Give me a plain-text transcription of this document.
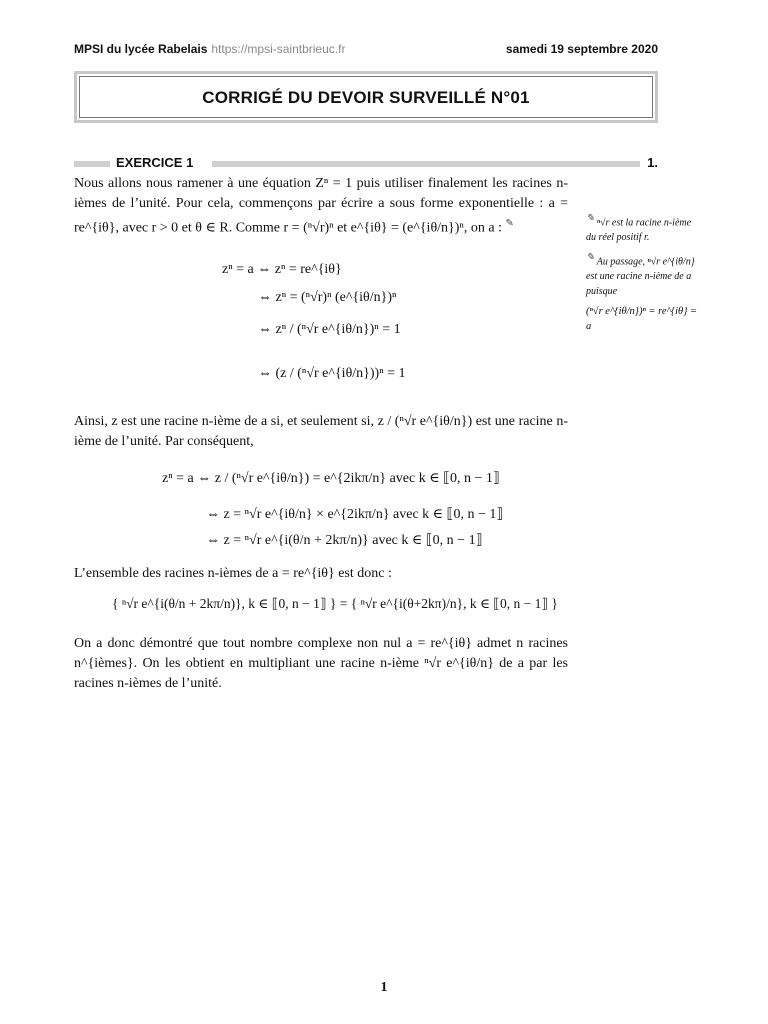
MPSI du lycée Rabelais https://mpsi-saintbrieuc.fr	samedi 19 septembre 2020
CORRIGÉ DU DEVOIR SURVEILLÉ N°01
EXERCICE 1	1.
Nous allons nous ramener à une équation Zⁿ = 1 puis utiliser finalement les racines n-ièmes de l’unité. Pour cela, commençons par écrire a sous forme exponentielle : a = re^{iθ}, avec r > 0 et θ ∈ R. Comme r = (ⁿ√r)ⁿ et e^{iθ} = (e^{iθ/n})ⁿ, on a : ✎
zⁿ = a ⇔ zⁿ = re^{iθ}
⇔ zⁿ = (ⁿ√r)ⁿ (e^{iθ/n})ⁿ
⇔ zⁿ / (ⁿ√r e^{iθ/n})ⁿ = 1
⇔ (z / (ⁿ√r e^{iθ/n}))ⁿ = 1
Ainsi, z est une racine n-ième de a si, et seulement si, z / (ⁿ√r e^{iθ/n}) est une racine n-ième de l’unité. Par conséquent,
zⁿ = a ⇔ z / (ⁿ√r e^{iθ/n}) = e^{2ikπ/n} avec k ∈ ⟦0, n − 1⟧
⇔ z = ⁿ√r e^{iθ/n} × e^{2ikπ/n} avec k ∈ ⟦0, n − 1⟧
⇔ z = ⁿ√r e^{i(θ/n + 2kπ/n)} avec k ∈ ⟦0, n − 1⟧
L’ensemble des racines n-ièmes de a = re^{iθ} est donc :
{ ⁿ√r e^{i(θ/n + 2kπ/n)}, k ∈ ⟦0, n − 1⟧ } = { ⁿ√r e^{i(θ+2kπ)/n}, k ∈ ⟦0, n − 1⟧ }
On a donc démontré que tout nombre complexe non nul a = re^{iθ} admet n racines n^{ièmes}. On les obtient en multipliant une racine n-ième ⁿ√r e^{iθ/n} de a par les racines n-ièmes de l’unité.
✎ ⁿ√r est la racine n-ième du réel positif r.
✎ Au passage, ⁿ√r e^{iθ/n} est une racine n-ième de a puisque
(ⁿ√r e^{iθ/n})ⁿ = re^{iθ} = a
1
